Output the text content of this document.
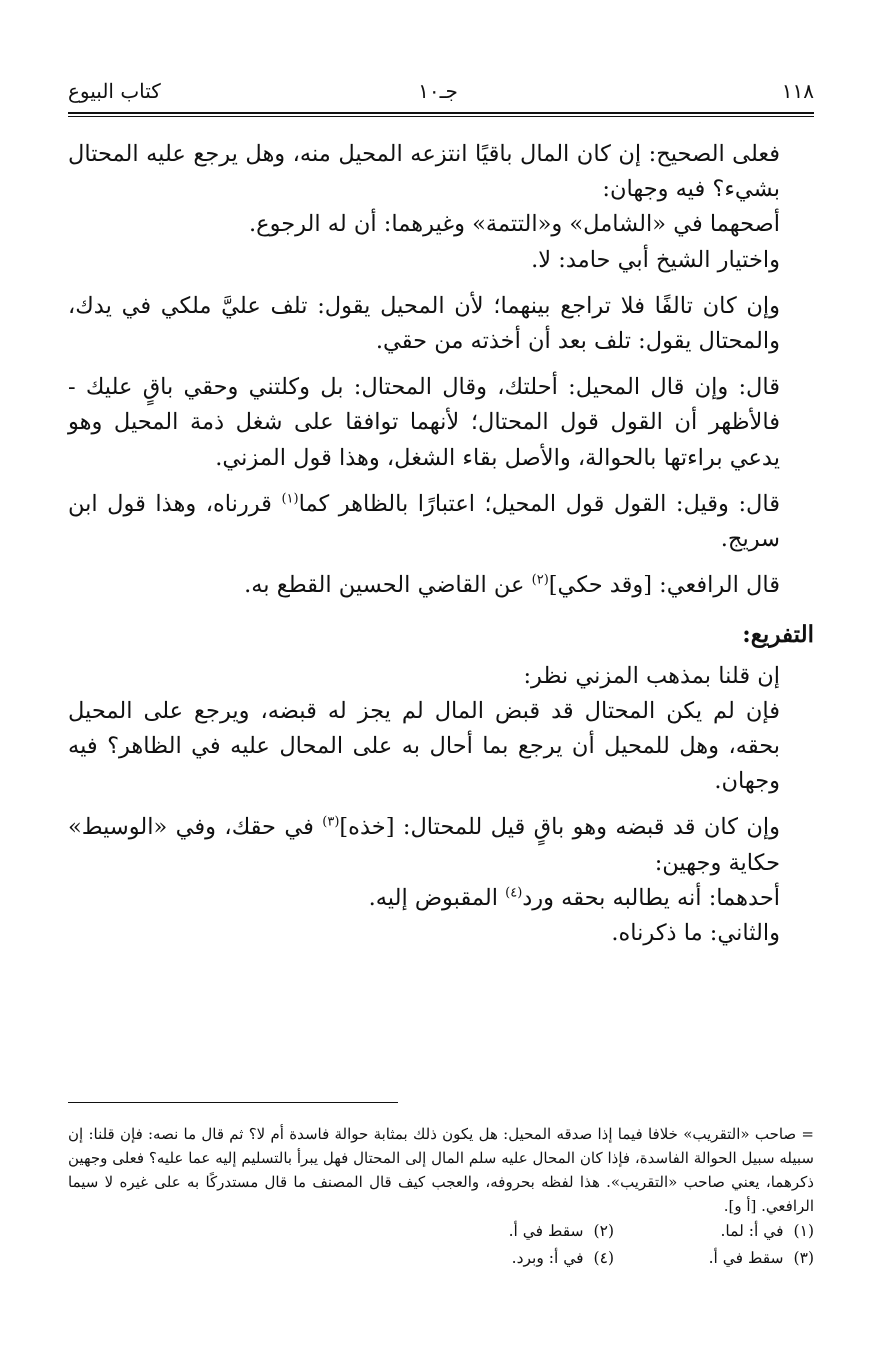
١١٨
جـ١٠
كتاب البيوع

فعلى الصحيح: إن كان المال باقيًا انتزعه المحيل منه، وهل يرجع عليه المحتال بشيء؟ فيه وجهان:

أصحهما في «الشامل» و«التتمة» وغيرهما: أن له الرجوع.

واختيار الشيخ أبي حامد: لا.

وإن كان تالفًا فلا تراجع بينهما؛ لأن المحيل يقول: تلف عليَّ ملكي في يدك، والمحتال يقول: تلف بعد أن أخذته من حقي.

قال: وإن قال المحيل: أحلتك، وقال المحتال: بل وكلتني وحقي باقٍ عليك - فالأظهر أن القول قول المحتال؛ لأنهما توافقا على شغل ذمة المحيل وهو يدعي براءتها بالحوالة، والأصل بقاء الشغل، وهذا قول المزني.

قال: وقيل: القول قول المحيل؛ اعتبارًا بالظاهر كما$^{(١)}$ قررناه، وهذا قول ابن سريج.

قال الرافعي: [وقد حكي]$^{(٢)}$ عن القاضي الحسين القطع به.

التفريع:

إن قلنا بمذهب المزني نظر:

فإن لم يكن المحتال قد قبض المال لم يجز له قبضه، ويرجع على المحيل بحقه، وهل للمحيل أن يرجع بما أحال به على المحال عليه في الظاهر؟ فيه وجهان.

وإن كان قد قبضه وهو باقٍ قيل للمحتال: [خذه]$^{(٣)}$ في حقك، وفي «الوسيط» حكاية وجهين:

أحدهما: أنه يطالبه بحقه ورد$^{(٤)}$ المقبوض إليه.

والثاني: ما ذكرناه.

= صاحب «التقريب» خلافا فيما إذا صدقه المحيل: هل يكون ذلك بمثابة حوالة فاسدة أم لا؟ ثم قال ما نصه: فإن قلنا: إن سبيله سبيل الحوالة الفاسدة، فإذا كان المحال عليه سلم المال إلى المحتال فهل يبرأ بالتسليم إليه عما عليه؟ فعلى وجهين ذكرهما، يعني صاحب «التقريب». هذا لفظه بحروفه، والعجب كيف قال المصنف ما قال مستدركًا به على غيره لا سيما الرافعي. [أ و].

(١)في أ: لما.
(٢)سقط في أ.
(٣)سقط في أ.
(٤)في أ: وبرد.
